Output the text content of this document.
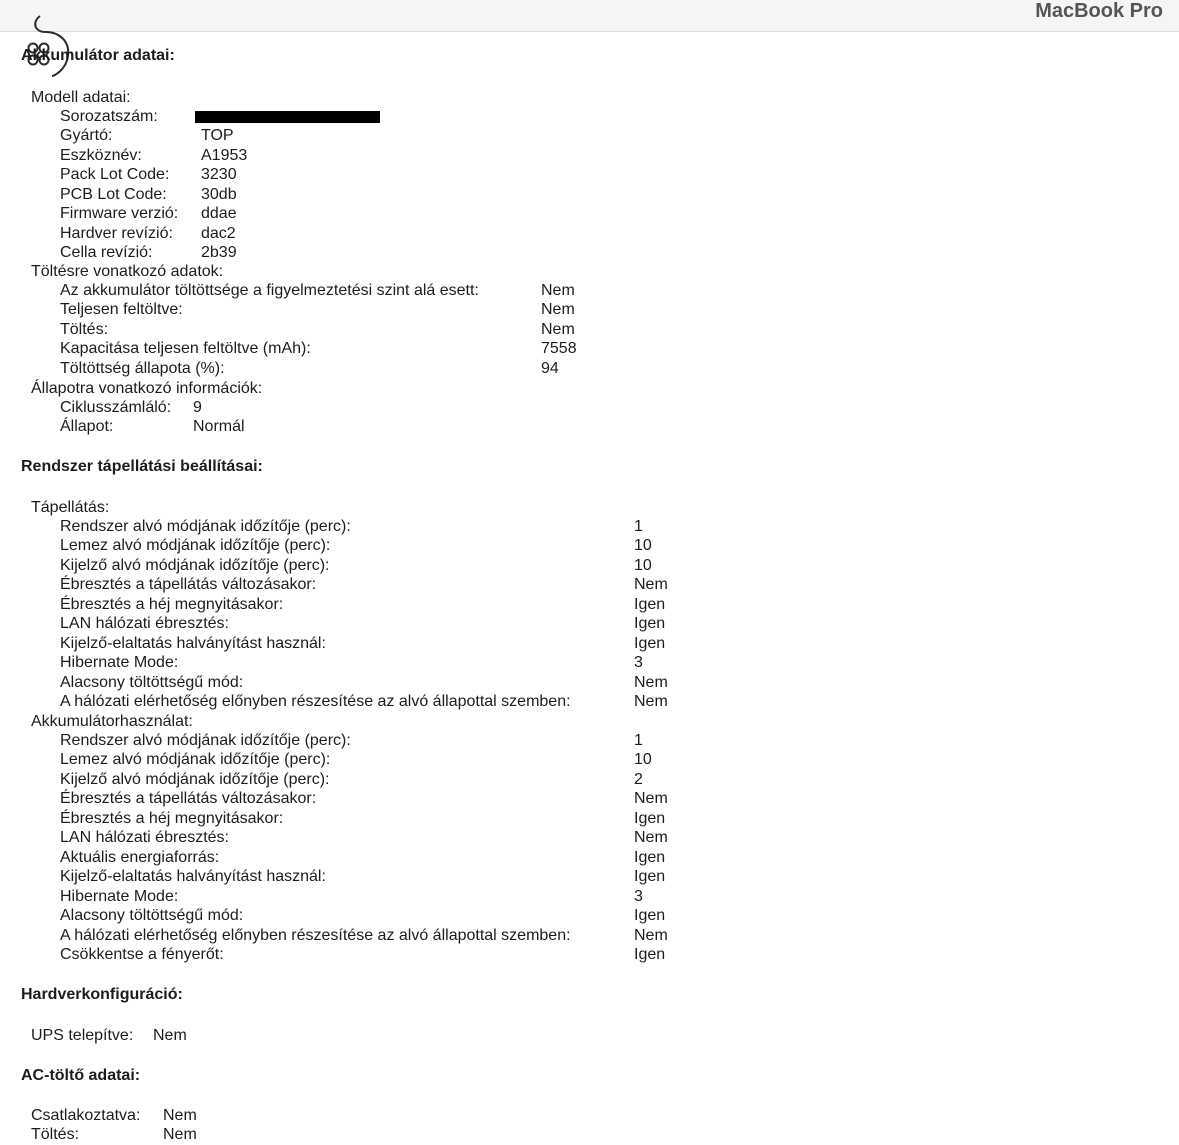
MacBook Pro
Akkumulátor adatai:
Modell adatai:
Sorozatszám:
Gyártó:	TOP
Eszköznév:	A1953
Pack Lot Code: 3230
PCB Lot Code: 30db
Firmware verzió: ddae
Hardver revízió: dac2
Cella revízió:	2b39
Töltésre vonatkozó adatok:
Az akkumulátor töltöttsége a figyelmeztetési szint alá esett:	Nem
Teljesen feltöltve:	Nem
Töltés:	Nem
Kapacitása teljesen feltöltve (mAh):	7558
Töltöttség állapota (%):	94
Állapotra vonatkozó információk:
Ciklusszámláló: 9
Állapot:	Normál
Rendszer tápellátási beállításai:
Tápellátás:
Rendszer alvó módjának időzítője (perc):	1
Lemez alvó módjának időzítője (perc):	10
Kijelző alvó módjának időzítője (perc):	10
Ébresztés a tápellátás változásakor:	Nem
Ébresztés a héj megnyitásakor:	Igen
LAN hálózati ébresztés:	Igen
Kijelző-elaltatás halványítást használ:	Igen
Hibernate Mode:	3
Alacsony töltöttségű mód:	Nem
A hálózati elérhetőség előnyben részesítése az alvó állapottal szemben:	Nem
Akkumulátorhasználat:
Rendszer alvó módjának időzítője (perc):	1
Lemez alvó módjának időzítője (perc):	10
Kijelző alvó módjának időzítője (perc):	2
Ébresztés a tápellátás változásakor:	Nem
Ébresztés a héj megnyitásakor:	Igen
LAN hálózati ébresztés:	Nem
Aktuális energiaforrás:	Igen
Kijelző-elaltatás halványítást használ:	Igen
Hibernate Mode:	3
Alacsony töltöttségű mód:	Igen
A hálózati elérhetőség előnyben részesítése az alvó állapottal szemben:	Nem
Csökkentse a fényerőt:	Igen
Hardverkonfiguráció:
UPS telepítve: Nem
AC-töltő adatai:
Csatlakoztatva: Nem
Töltés:	Nem
